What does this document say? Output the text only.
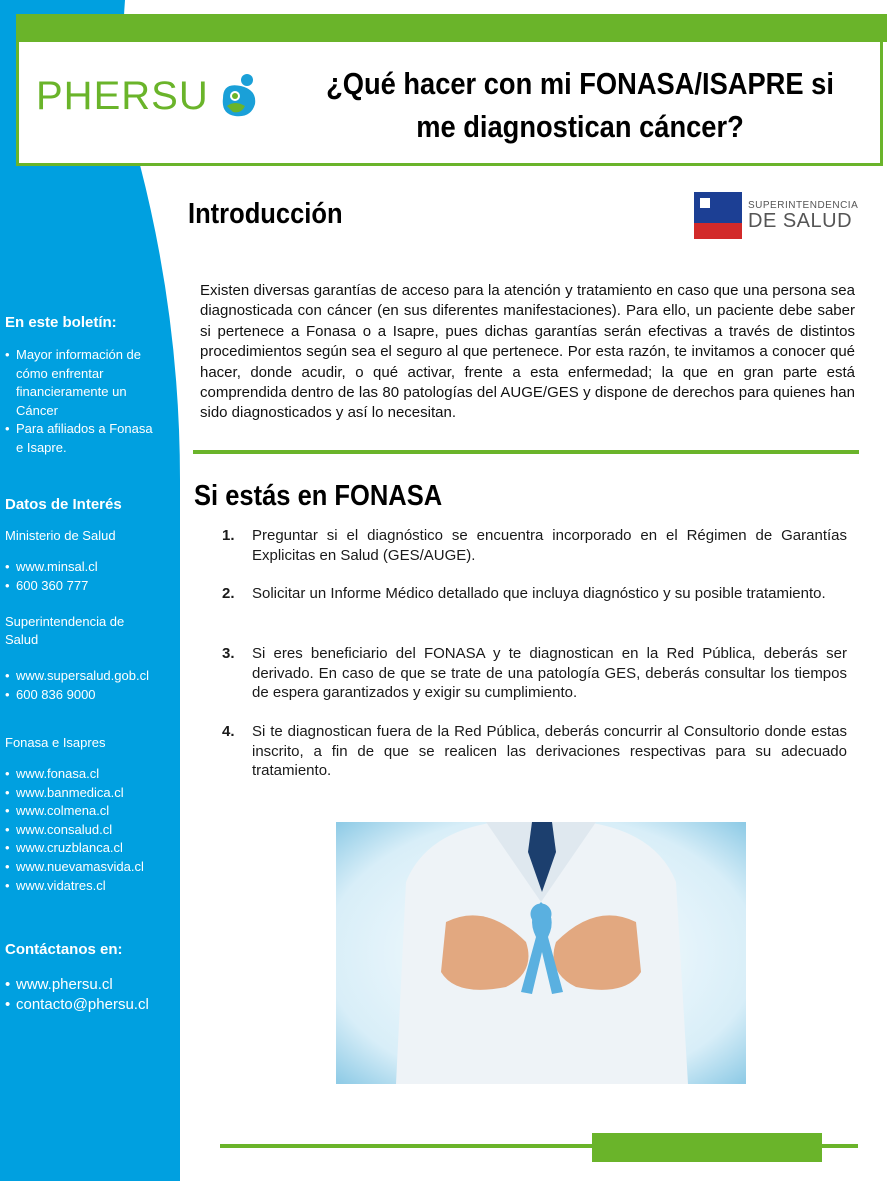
PHERSU	¿Qué hacer con mi FONASA/ISAPRE si
me diagnostican cáncer?
Introducción	SUPERINTENDENCIA
DE SALUD
Existen diversas garantías de acceso para la atención y tratamiento en caso que una persona sea diagnosticada con cáncer (en sus diferentes manifestaciones). Para ello, un paciente debe saber si pertenece a Fonasa o a Isapre, pues dichas garantías serán efectivas a través de distintos procedimientos según sea el seguro al que pertenece. Por esta razón, te invitamos a conocer qué hacer, donde acudir, o qué activar, frente a esta enfermedad; la que en gran parte está comprendida dentro de las 80 patologías del AUGE/GES y dispone de derechos para quienes han sido diagnosticados y así lo necesitan.
Si estás en FONASA
1.	Preguntar si el diagnóstico se encuentra incorporado en el Régimen de Garantías Explicitas en Salud (GES/AUGE).
2.	Solicitar un Informe Médico detallado que incluya diagnóstico y su posible tratamiento.
3.	Si eres beneficiario del FONASA y te diagnostican en la Red Pública, deberás ser derivado. En caso de que se trate de una patología GES, deberás consultar los tiempos de espera garantizados y exigir su cumplimiento.
4.	Si te diagnostican fuera de la Red Pública, deberás concurrir al Consultorio donde estas inscrito, a fin de que se realicen las derivaciones respectivas para su adecuado tratamiento.
En este boletín:
• Mayor información de cómo enfrentar financieramente un Cáncer
• Para afiliados a Fonasa e Isapre.
Datos de Interés
Ministerio de Salud
• www.minsal.cl
• 600 360 777
Superintendencia de Salud
• www.supersalud.gob.cl
• 600 836 9000
Fonasa e Isapres
• www.fonasa.cl
• www.banmedica.cl
• www.colmena.cl
• www.consalud.cl
• www.cruzblanca.cl
• www.nuevamasvida.cl
• www.vidatres.cl
Contáctanos en:
• www.phersu.cl
• contacto@phersu.cl
